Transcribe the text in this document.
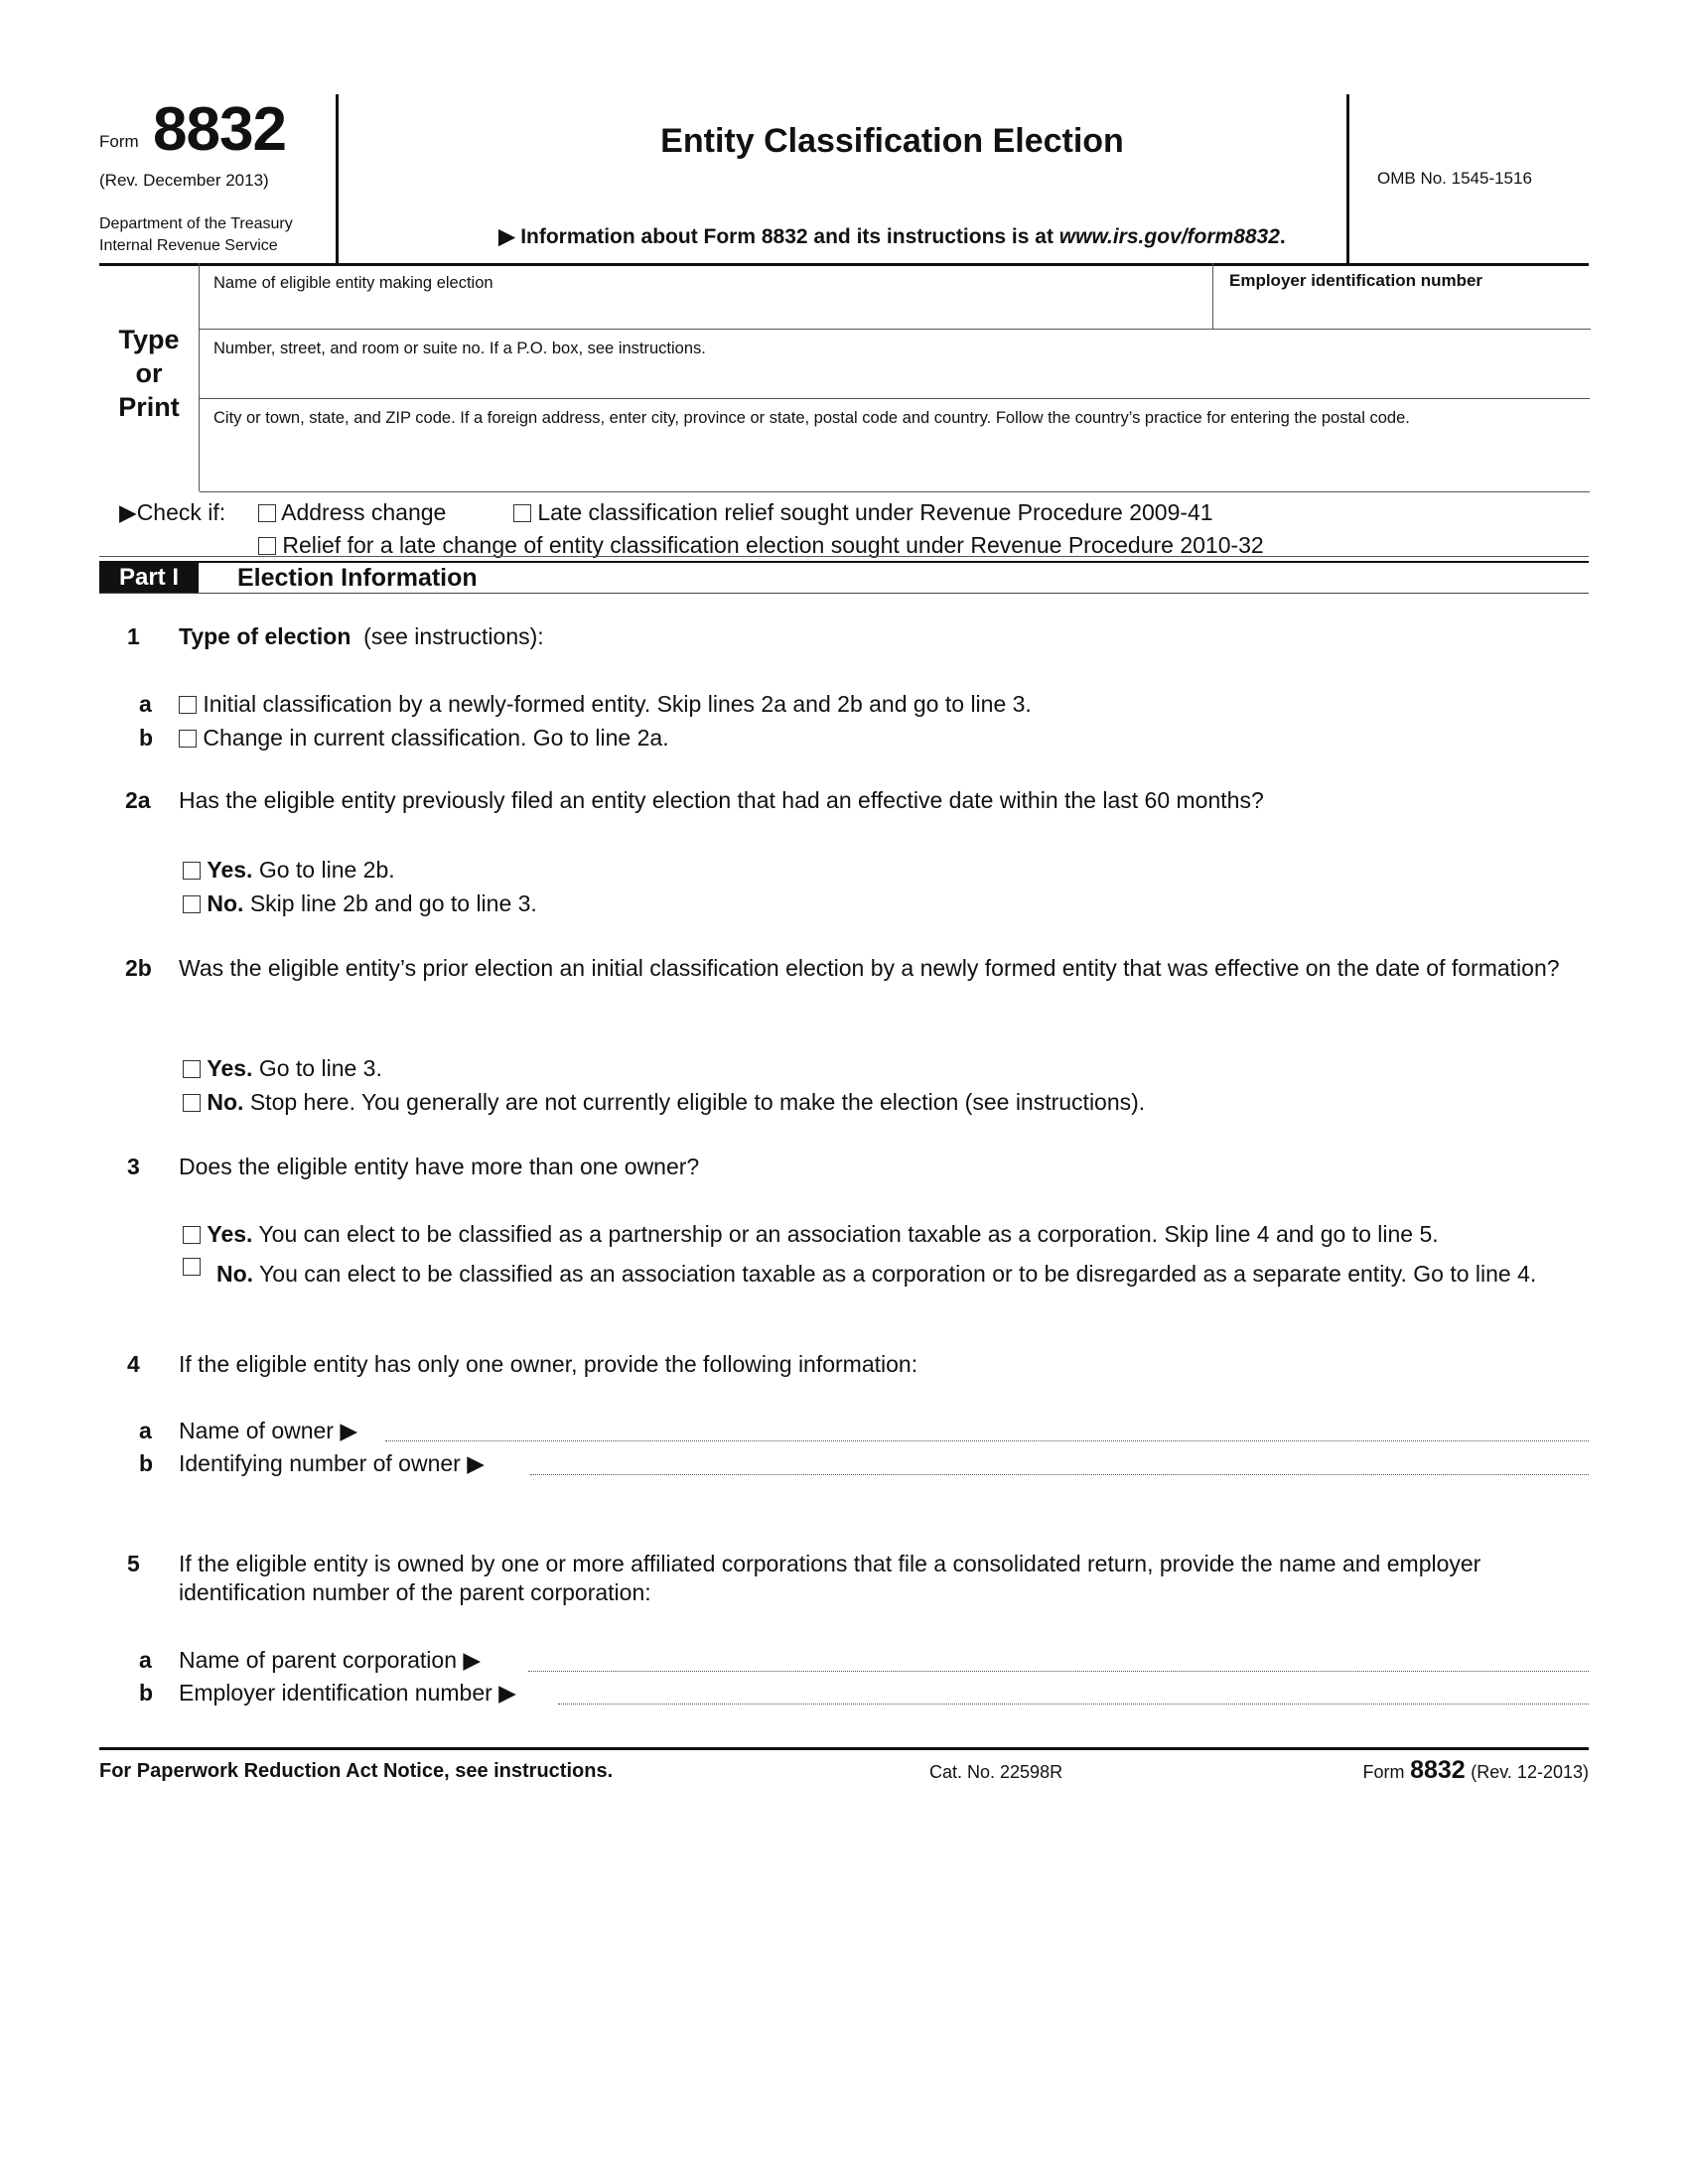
Form 8832
(Rev. December 2013)
Department of the Treasury
Internal Revenue Service
Entity Classification Election
▶ Information about Form 8832 and its instructions is at www.irs.gov/form8832.
OMB No. 1545-1516
Type
or
Print
Name of eligible entity making election	Employer identification number
Number, street, and room or suite no. If a P.O. box, see instructions.
City or town, state, and ZIP code. If a foreign address, enter city, province or state, postal code and country. Follow the country’s practice for entering the postal code.
▶Check if:	Address change	Late classification relief sought under Revenue Procedure 2009-41
Relief for a late change of entity classification election sought under Revenue Procedure 2010-32
Part I	Election Information
1 Type of election (see instructions):
a	Initial classification by a newly-formed entity. Skip lines 2a and 2b and go to line 3.
b	Change in current classification. Go to line 2a.
2a Has the eligible entity previously filed an entity election that had an effective date within the last 60 months?
Yes. Go to line 2b.
No. Skip line 2b and go to line 3.
2b Was the eligible entity’s prior election an initial classification election by a newly formed entity that was effective on the date of formation?
Yes. Go to line 3.
No. Stop here. You generally are not currently eligible to make the election (see instructions).
3 Does the eligible entity have more than one owner?
Yes. You can elect to be classified as a partnership or an association taxable as a corporation. Skip line 4 and go to line 5.
No. You can elect to be classified as an association taxable as a corporation or to be disregarded as a separate entity. Go to line 4.
4 If the eligible entity has only one owner, provide the following information:
a Name of owner ▶
b Identifying number of owner ▶
5 If the eligible entity is owned by one or more affiliated corporations that file a consolidated return, provide the name and employer identification number of the parent corporation:
a Name of parent corporation ▶
b Employer identification number ▶
For Paperwork Reduction Act Notice, see instructions.	Cat. No. 22598R	Form 8832 (Rev. 12-2013)
